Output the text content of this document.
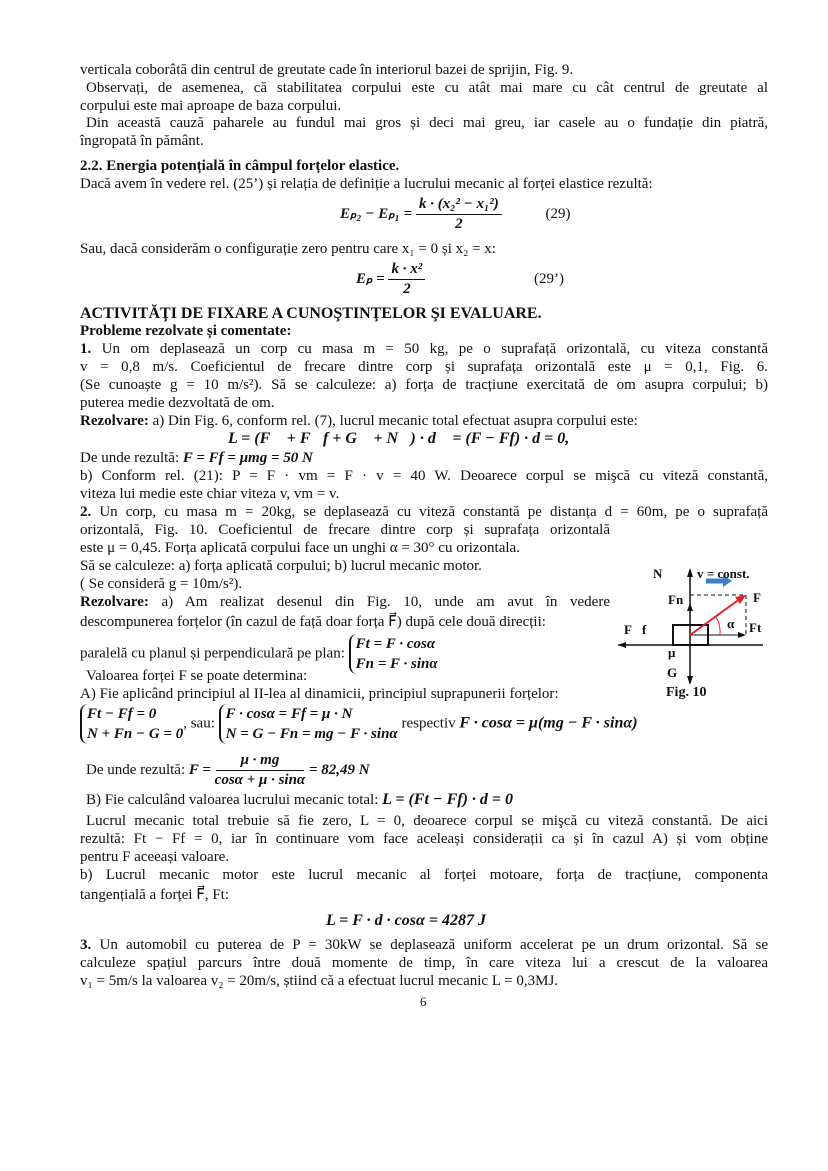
verticala coborâtă din centrul de greutate cade în interiorul bazei de sprijin, Fig. 9.
Observați, de asemenea, că stabilitatea corpului este cu atât mai mare cu cât centrul de greutate al
corpului este mai aproape de baza corpului.
Din această cauză paharele au fundul mai gros și deci mai greu, iar casele au o fundație din piatră,
îngropată în pământ.
2.2. Energia potențială în câmpul forțelor elastice.
Dacă avem în vedere rel. (25’) și relația de definiție a lucrului mecanic al forței elastice rezultă:
$E_{p2} - E_{p1} = \frac{\text{k · (x₂² − x₁²)}}{2}$	(29)
Sau, dacă considerăm o configurație zero pentru care x₁ = 0 și x₂ = x:
$E_p = \frac{\text{k · x²}}{2}$	(29’)
ACTIVITĂŢI DE FIXARE A CUNOŞTINŢELOR ŞI EVALUARE.
Probleme rezolvate și comentate:
1. Un om deplasează un corp cu masa m = 50 kg, pe o suprafață orizontală, cu viteza constantă
v = 0,8 m/s. Coeficientul de frecare dintre corp și suprafața orizontală este μ = 0,1, Fig. 6.
(Se cunoaște g = 10 m/s²). Să se calculeze: a) forța de tracțiune exercitată de om asupra corpului; b)
puterea medie dezvoltată de om.
Rezolvare: a) Din Fig. 6, conform rel. (7), lucrul mecanic total efectuat asupra corpului este:
L = (F⃗ + F⃗f + G⃗ + N⃗) · d⃗ = (F − Ff) · d = 0,
De unde rezultă: F = Ff = μmg = 50 N
b) Conform rel. (21): P = F · vm = F · v = 40 W. Deoarece corpul se mişcă cu viteză constantă,
viteza lui medie este chiar viteza v, vm = v.
2. Un corp, cu masa m = 20kg, se deplasează cu viteză constantă pe distanța d = 60m, pe o suprafață
orizontală, Fig. 10. Coeficientul de frecare dintre corp și suprafața orizontală
este μ = 0,45. Forța aplicată corpului face un unghi α = 30° cu orizontala.
Să se calculeze: a) forța aplicată corpului; b) lucrul mecanic motor.
( Se consideră g = 10m/s²).
Rezolvare: a) Am realizat desenul din Fig. 10, unde am avut în vedere
descompunerea forțelor (în cazul de față doar forța F⃗) după cele două direcții:
paralelă cu planul și perpendiculară pe plan:
Ft = F · cosα
Fn = F · sinα
N⃗ v = const.
Fn	F⃗
F⃗f	α Ft
μ
G⃗
Fig. 10
Valoarea forței F se poate determina:
A) Fie aplicând principiul al II-lea al dinamicii, principiul suprapunerii forțelor:
Ft − Ff = 0
N + Fn − G = 0
, sau:
F · cosα = Ff = μ · N
N = G − Fn = mg − F · sinα
respectiv F · cosα = μ(mg − F · sinα)
De unde rezultă: $F = \frac{\mu \cdot mg}{\cos\alpha + \mu \cdot \sin\alpha} = 82,49$ N
B) Fie calculând valoarea lucrului mecanic total: L = (Ft − Ff) · d = 0
Lucrul mecanic total trebuie să fie zero, L = 0, deoarece corpul se mişcă cu viteză constantă. De aici
rezultă: Ft − Ff = 0, iar în continuare vom face aceleași considerații ca și în cazul A) și vom obține
pentru F aceeași valoare.
b) Lucrul mecanic motor este lucrul mecanic al forței motoare, forța de tracțiune, componenta
tangențială a forței F⃗, Ft:
L = F · d · cosα = 4287 J
3. Un automobil cu puterea de P = 30kW se deplasează uniform accelerat pe un drum orizontal. Să se
calculeze spațiul parcurs între două momente de timp, în care viteza lui a crescut de la valoarea
v₁ = 5m/s la valoarea v₂ = 20m/s, știind că a efectuat lucrul mecanic L = 0,3MJ.
6
